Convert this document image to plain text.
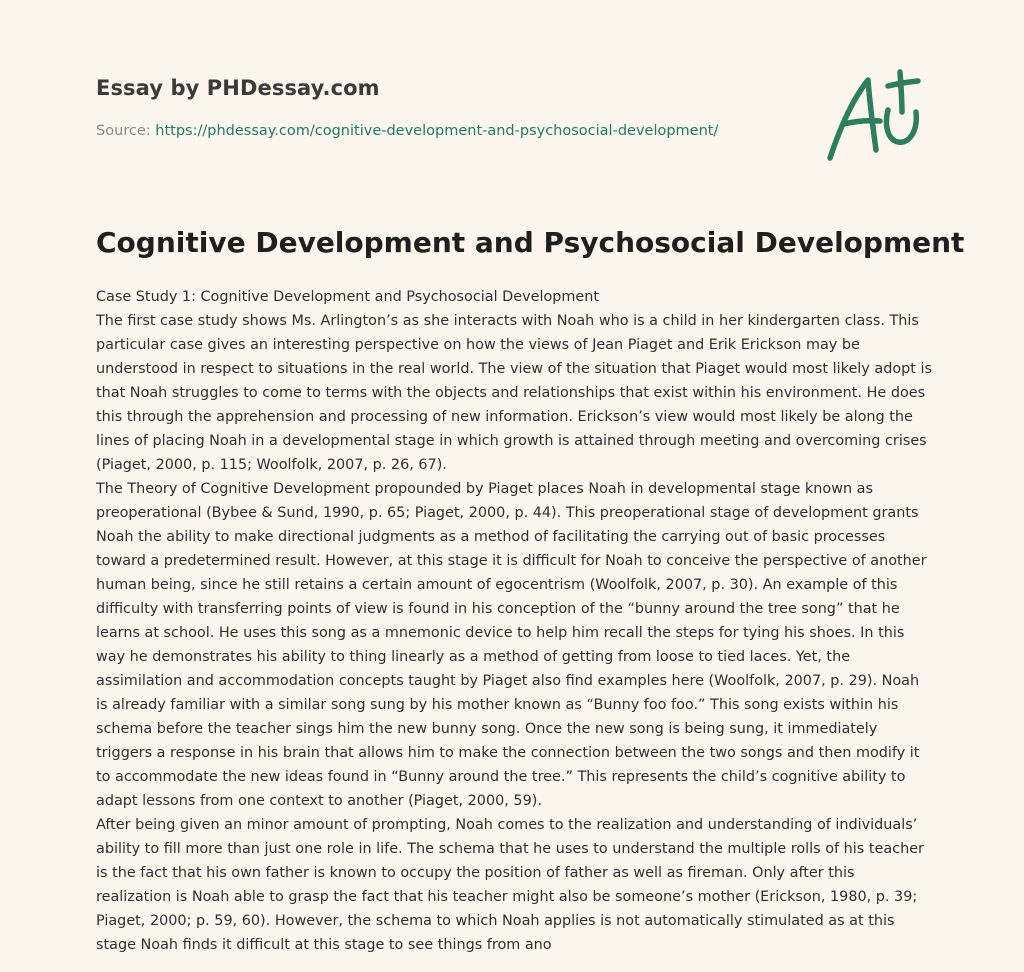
Essay by PHDessay.com
Source: https://phdessay.com/cognitive-development-and-psychosocial-development/
Cognitive Development and Psychosocial Development

Case Study 1: Cognitive Development and Psychosocial Development

The first case study shows Ms. Arlington’s as she interacts with Noah who is a child in her kindergarten class. This particular case gives an interesting perspective on how the views of Jean Piaget and Erik Erickson may be understood in respect to situations in the real world. The view of the situation that Piaget would most likely adopt is that Noah struggles to come to terms with the objects and relationships that exist within his environment. He does this through the apprehension and processing of new information. Erickson’s view would most likely be along the lines of placing Noah in a developmental stage in which growth is attained through meeting and overcoming crises (Piaget, 2000, p. 115; Woolfolk, 2007, p. 26, 67).

The Theory of Cognitive Development propounded by Piaget places Noah in developmental stage known as preoperational (Bybee & Sund, 1990, p. 65; Piaget, 2000, p. 44). This preoperational stage of development grants Noah the ability to make directional judgments as a method of facilitating the carrying out of basic processes toward a predetermined result. However, at this stage it is difficult for Noah to conceive the perspective of another human being, since he still retains a certain amount of egocentrism (Woolfolk, 2007, p. 30). An example of this difficulty with transferring points of view is found in his conception of the “bunny around the tree song” that he learns at school. He uses this song as a mnemonic device to help him recall the steps for tying his shoes. In this way he demonstrates his ability to thing linearly as a method of getting from loose to tied laces. Yet, the assimilation and accommodation concepts taught by Piaget also find examples here (Woolfolk, 2007, p. 29). Noah is already familiar with a similar song sung by his mother known as “Bunny foo foo.” This song exists within his schema before the teacher sings him the new bunny song. Once the new song is being sung, it immediately triggers a response in his brain that allows him to make the connection between the two songs and then modify it to accommodate the new ideas found in “Bunny around the tree.” This represents the child’s cognitive ability to adapt lessons from one context to another (Piaget, 2000, 59).

After being given an minor amount of prompting, Noah comes to the realization and understanding of individuals’ ability to fill more than just one role in life. The schema that he uses to understand the multiple rolls of his teacher is the fact that his own father is known to occupy the position of father as well as fireman. Only after this realization is Noah able to grasp the fact that his teacher might also be someone’s mother (Erickson, 1980, p. 39; Piaget, 2000; p. 59, 60). However, the schema to which Noah applies is not automatically stimulated as at this stage Noah finds it difficult at this stage to see things from ano
